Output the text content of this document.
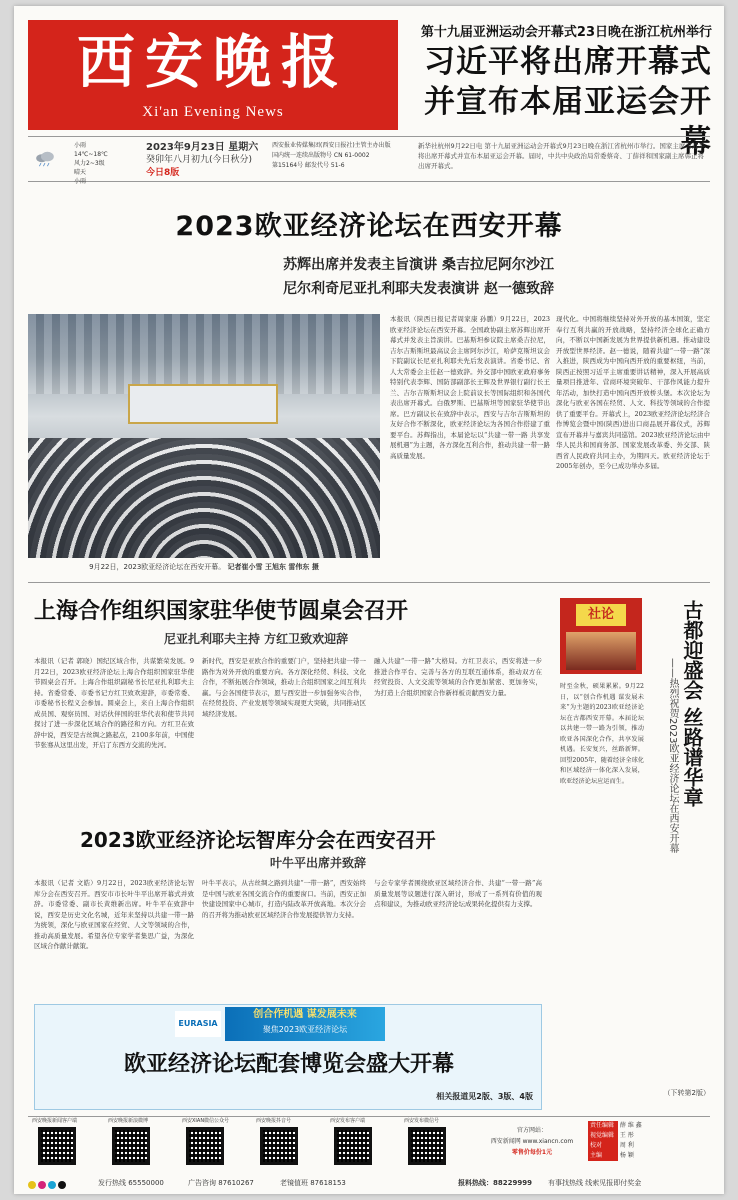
西安晚报
Xi'an Evening News
第十九届亚洲运动会开幕式23日晚在浙江杭州举行
习近平将出席开幕式
并宣布本届亚运会开幕
小雨
14℃~18℃
风力2~3级
晴天
小雨
2023年9月23日 星期六
癸卯年八月初九(今日秋分)
今日8版
西安报业传媒集团(西安日报社)主管主办出版
国内统一连续出版物号 CN 61-0002
第15164号 邮发代号 51-6
新华社杭州9月22日电 第十九届亚洲运动会开幕式9月23日晚在浙江省杭州市举行。国家主席习近平将出席开幕式并宣布本届亚运会开幕。届时，中共中央政治局常委蔡奇、丁薛祥和国家副主席韩正将出席开幕式。
2023欧亚经济论坛在西安开幕
苏辉出席并发表主旨演讲 桑吉拉尼阿尔沙江
尼尔利奇尼亚扎利耶夫发表演讲 赵一德致辞
9月22日，2023欧亚经济论坛在西安开幕。 记者崔小雪 王旭东 雷伟东 摄
本报讯（陕西日报记者周家康 孙鹏）9月22日，2023欧亚经济论坛在西安开幕。全国政协副主席苏辉出席开幕式并发表主旨演讲。巴基斯坦参议院主席桑吉拉尼，吉尔吉斯斯坦最高议会主席阿尔沙江，哈萨克斯坦议会下院副议长尼亚扎利耶夫先后发表演讲。省委书记、省人大常委会主任赵一德致辞。外交部中国欧亚政府事务特别代表李辉、国防部副部长王辉及世界银行副行长王兰、吉尔吉斯斯坦议会上院前议长等国际组织和各国代表出席开幕式。白俄罗斯、巴基斯坦等国家驻华使节出席。巴方副议长在致辞中表示，西安与吉尔吉斯斯坦的友好合作不断深化，欧亚经济论坛为各国合作搭建了重要平台。苏辉指出，本届论坛以“共建一带一路 共享发展机遇”为主题，各方深化互利合作，推动共建一带一路高质量发展。
现代化。中国将继续坚持对外开放的基本国策，坚定奉行互利共赢的开放战略，坚持经济全球化正确方向，不断以中国新发展为世界提供新机遇。推动建设开放型世界经济。赵一德说，随着共建“一带一路”深入推进，陕西成为中国向西开放的重要枢纽，当前，陕西正按照习近平主席重要讲话精神，深入开展高质量项目推进年、营商环境突破年、干部作风能力提升年活动，加快打造中国向西开放桥头堡。本次论坛为深化与欧亚各国在经贸、人文、科技等领域的合作提供了重要平台。开幕式上，2023欧亚经济论坛经济合作博览会暨中国(陕西)进出口商品展开幕仪式，苏辉宣布开幕并与嘉宾共同巡馆。2023欧亚经济论坛由中华人民共和国商务部、国家发展改革委、外交部、陕西省人民政府共同主办，为期四天。欧亚经济论坛于2005年创办，至今已成功举办多届。
上海合作组织国家驻华使节圆桌会召开
尼亚扎利耶夫主持 方红卫致欢迎辞
本报讯（记者 郭晓）国纪区域合作，共谋繁荣发展。9月22日，2023欧亚经济论坛上海合作组织国家驻华使节圆桌会召开。上海合作组织副秘书长尼亚扎利耶夫主持。省委常委、市委书记方红卫致欢迎辞，市委常委、市委秘书长程义会参加。圆桌会上，来自上海合作组织成员国、观察员国、对话伙伴国的驻华代表和使节共同探讨了进一步深化区域合作的路径和方向。方红卫在致辞中说，西安是古丝绸之路起点，2100多年前，中国使节张骞从这里出发，开启了东西方交流的先河。
新时代，西安是亚欧合作的重要门户，坚持把共建一带一路作为对外开放的重要方向。各方深化经贸、科技、文化合作，不断拓展合作领域，推动上合组织国家之间互利共赢。与会各国使节表示，愿与西安进一步加强务实合作，在经贸投资、产业发展等领域实现更大突破，共同推动区域经济发展。
融入共建“一带一路”大格局。方红卫表示，西安将进一步推进合作平台、完善与各方的互联互通体系，推动双方在经贸投资、人文交流等领域的合作更加紧密、更加务实，为打造上合组织国家合作新样板贡献西安力量。
2023欧亚经济论坛智库分会在西安召开
叶牛平出席并致辞
本报讯（记者 文皓）9月22日，2023欧亚经济论坛智库分会在西安召开。西安市市长叶牛平出席开幕式并致辞。市委常委、副市长黄维新出席。叶牛平在致辞中说，西安是历史文化名城，近年来坚持以共建一带一路为统领，深化与欧亚国家在经贸、人文等领域的合作，推动高质量发展。希望各位专家学者集思广益，为深化区域合作献计献策。
叶牛平表示，从古丝绸之路到共建“一带一路”，西安始终是中国与欧亚各国交流合作的重要窗口。当前，西安正加快建设国家中心城市，打造内陆改革开放高地。本次分会的召开将为推动欧亚区域经济合作发展提供智力支持。
与会专家学者围绕欧亚区域经济合作、共建“一带一路”高质量发展等议题进行深入研讨，形成了一系列有价值的观点和建议，为推动欧亚经济论坛成果转化提供有力支撑。
社论	古都迎盛会 丝路谱华章
——热烈祝贺2023欧亚经济论坛在西安开幕
时至金秋，硕果累累。9月22日，以“创合作机遇 谋发展未来”为主题的2023欧亚经济论坛在古都西安开幕。本届论坛以共建一带一路为引领，推动欧亚各国深化合作，共享发展机遇。长安复兴，丝路新辉。回望2005年，随着经济全球化和区域经济一体化深入发展，欧亚经济论坛应运而生。
（下转第2版）
EURASIA
创合作机遇 谋发展未来
聚焦2023欧亚经济论坛
欧亚经济论坛配套博览会盛大开幕
相关报道见2版、3版、4版
西安晚报新闻客户端	西安晚报新浪微博	西安XIAN微信公众号	西安晚报抖音号	西安发布客户端	西安发布微信号
官方网站：
西安新闻网 www.xiancn.com
零售价每份1元
责任编辑 薛 维 鑫
视觉编辑 王 彤
校对	周 利
主编	杨 颖
发行热线 65550000	广告咨询 87610267	老镜值班 87618153	报料热线：88229999 有事找热线 线索见报即付奖金
